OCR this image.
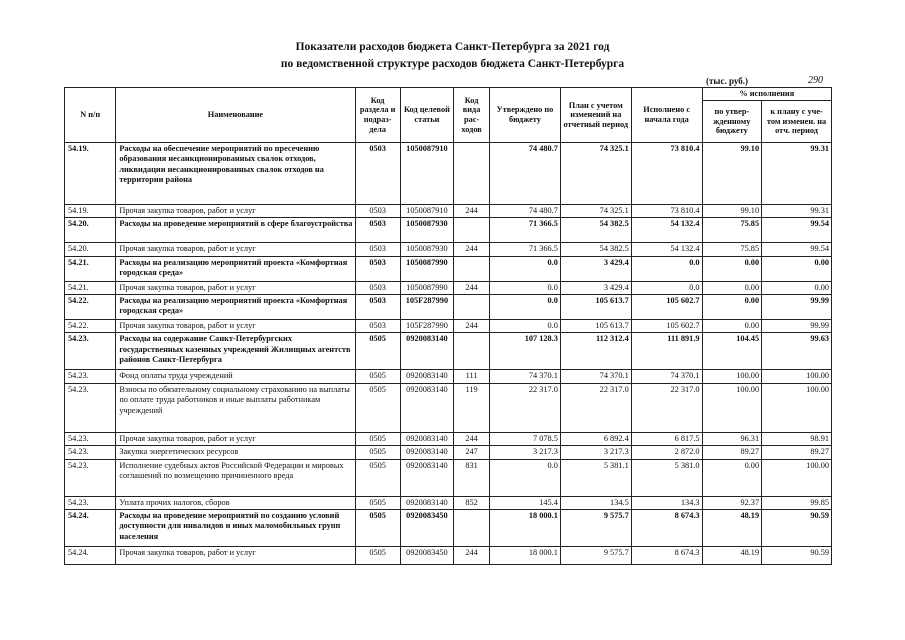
Показатели расходов бюджета Санкт-Петербурга за 2021 год
по ведомственной структуре расходов бюджета Санкт-Петербурга
(тыс. руб.)	290
N п/п	Наименование	Код раздела и подраз-дела	Код целевой статьи	Код вида рас-ходов	Утверждено по бюджету	План с учетом изменений на отчетный период	Исполнено с начала года	% исполнения	
								по утвер-жденному бюджету	к плану с уче-том изменен. на отч. период
54.19.	Расходы на обеспечение мероприятий по пресечению образования несанкционированных свалок отходов, ликвидации несанкционированных свалок отходов на территории района	0503	1050087910		74 480.7	74 325.1	73 810.4	99.10	99.31
54.19.	Прочая закупка товаров, работ и услуг	0503	1050087910	244	74 480.7	74 325.1	73 810.4	99.10	99.31
54.20.	Расходы на проведение мероприятий в сфере благоустройства	0503	1050087930		71 366.5	54 382.5	54 132.4	75.85	99.54
54.20.	Прочая закупка товаров, работ и услуг	0503	1050087930	244	71 366.5	54 382.5	54 132.4	75.85	99.54
54.21.	Расходы на реализацию мероприятий проекта «Комфортная городская среда»	0503	1050087990		0.0	3 429.4	0.0	0.00	0.00
54.21.	Прочая закупка товаров, работ и услуг	0503	1050087990	244	0.0	3 429.4	0.0	0.00	0.00
54.22.	Расходы на реализацию мероприятий проекта «Комфортная городская среда»	0503	105F287990		0.0	105 613.7	105 602.7	0.00	99.99
54.22.	Прочая закупка товаров, работ и услуг	0503	105F287990	244	0.0	105 613.7	105 602.7	0.00	99.99
54.23.	Расходы на содержание Санкт-Петербургских государственных казенных учреждений Жилищных агентств районов Санкт-Петербурга	0505	0920083140		107 128.3	112 312.4	111 891.9	104.45	99.63
54.23.	Фонд оплаты труда учреждений	0505	0920083140	111	74 370.1	74 370.1	74 370.1	100.00	100.00
54.23.	Взносы по обязательному социальному страхованию на выплаты по оплате труда работников и иные выплаты работникам учреждений	0505	0920083140	119	22 317.0	22 317.0	22 317.0	100.00	100.00
54.23.	Прочая закупка товаров, работ и услуг	0505	0920083140	244	7 078.5	6 892.4	6 817.5	96.31	98.91
54.23.	Закупка энергетических ресурсов	0505	0920083140	247	3 217.3	3 217.3	2 872.0	89.27	89.27
54.23.	Исполнение судебных актов Российской Федерации и мировых соглашений по возмещению причиненного вреда	0505	0920083140	831	0.0	5 381.1	5 381.0	0.00	100.00
54.23.	Уплата прочих налогов, сборов	0505	0920083140	852	145.4	134.5	134.3	92.37	99.85
54.24.	Расходы на проведение мероприятий по созданию условий доступности для инвалидов и иных маломобильных групп населения	0505	0920083450		18 000.1	9 575.7	8 674.3	48.19	90.59
54.24.	Прочая закупка товаров, работ и услуг	0505	0920083450	244	18 000.1	9 575.7	8 674.3	48.19	90.59
